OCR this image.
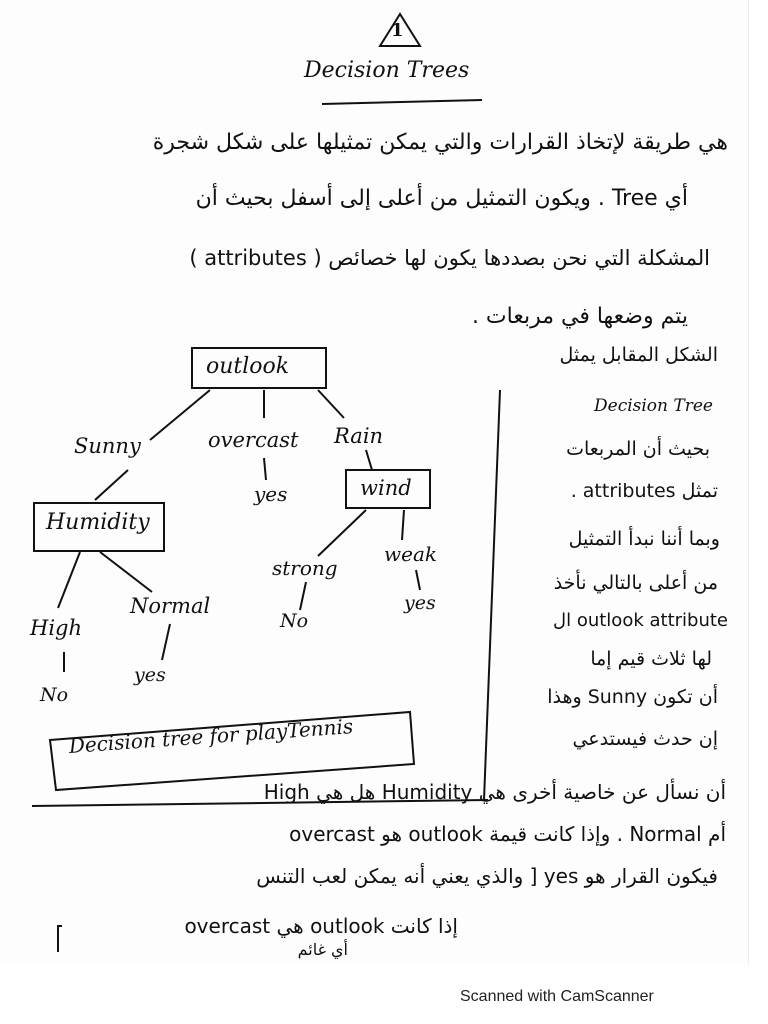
1
Decision Trees
هي طريقة لإتخاذ القرارات والتي يمكن تمثيلها على شكل شجرة
أي Tree . ويكون التمثيل من أعلى إلى أسفل بحيث أن
المشكلة التي نحن بصددها يكون لها خصائص ( attributes )
يتم وضعها في مربعات .
outlook
Sunny	overcast Rain
yes
Humidity
wind
High
Normal
No
yes
strong
weak
No
yes
Decision tree for playTennis
الشكل المقابل يمثل
Decision Tree
بحيث أن المربعات
تمثل attributes .
وبما أننا نبدأ التمثيل
من أعلى بالتالي نأخذ
outlook attribute ال
لها ثلاث قيم إما
أن تكون Sunny وهذا
إن حدث فيستدعي
أن نسأل عن خاصية أخرى هي Humidity هل هي High
أم Normal . وإذا كانت قيمة outlook هو overcast
فيكون القرار هو yes [ والذي يعني أنه يمكن لعب التنس
إذا كانت outlook هي overcast
أي غائم
Scanned with CamScanner
